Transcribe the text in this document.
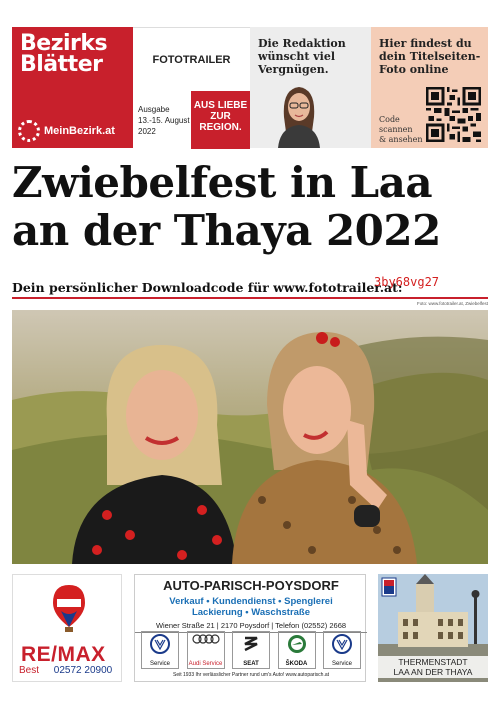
Bezirks
Blätter
MeinBezirk.at
FOTOTRAILER
Ausgabe
13.-15. August
2022
AUS LIEBE
ZUR
REGION.
Die Redaktion
wünscht viel
Vergnügen.
Hier findest du
dein Titelseiten-
Foto online
Code
scannen
& ansehen
Zwiebelfest in Laa
an der Thaya 2022
Dein persönlicher Downloadcode für www.fototrailer.at:
3by68vg27
Foto: www.fototrailer.at, Zwiebelfest
RE/MAX
Best 02572 20900
AUTO-PARISCH-POYSDORF
Verkauf • Kundendienst • Spenglerei
Lackierung • Waschstraße
Wiener Straße 21 | 2170 Poysdorf | Telefon (02552) 2668
Service	Audi Service	SEAT	ŠKODA	Service
Seit 1933 Ihr verlässlicher Partner rund um's Auto! www.autoparisch.at
THERMENSTADT
LAA AN DER THAYA
